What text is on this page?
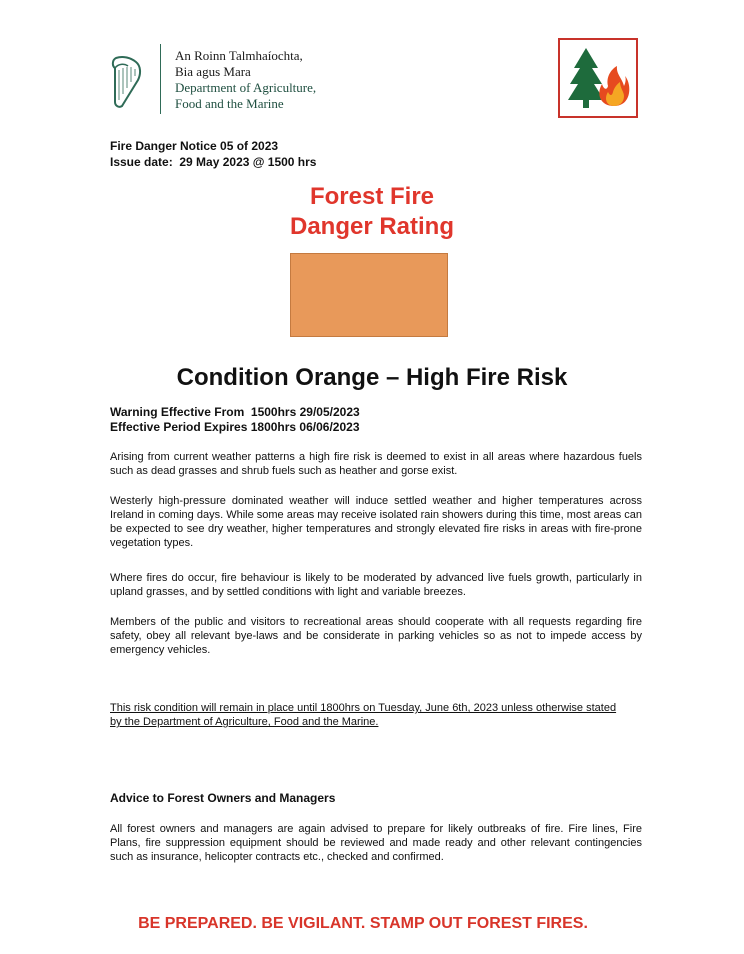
An Roinn Talmhaíochta,
Bia agus Mara
Department of Agriculture,
Food and the Marine
Fire Danger Notice 05 of 2023
Issue date:  29 May 2023 @ 1500 hrs
Forest Fire
Danger Rating
Condition Orange – High Fire Risk
Warning Effective From  1500hrs 29/05/2023
Effective Period Expires 1800hrs 06/06/2023
Arising from current weather patterns a high fire risk is deemed to exist in all areas where hazardous fuels such as dead grasses and shrub fuels such as heather and gorse exist.
Westerly high-pressure dominated weather will induce settled weather and higher temperatures across Ireland in coming days. While some areas may receive isolated rain showers during this time, most areas can be expected to see dry weather, higher temperatures and strongly elevated fire risks in areas with fire-prone vegetation types.
Where fires do occur, fire behaviour is likely to be moderated by advanced live fuels growth, particularly in upland grasses, and by settled conditions with light and variable breezes.
Members of the public and visitors to recreational areas should cooperate with all requests regarding fire safety, obey all relevant bye-laws and be considerate in parking vehicles so as not to impede access by emergency vehicles.
This risk condition will remain in place until 1800hrs on Tuesday, June 6th, 2023 unless otherwise stated by the Department of Agriculture, Food and the Marine.
Advice to Forest Owners and Managers
All forest owners and managers are again advised to prepare for likely outbreaks of fire. Fire lines, Fire Plans, fire suppression equipment should be reviewed and made ready and other relevant contingencies such as insurance, helicopter contracts etc., checked and confirmed.
BE PREPARED. BE VIGILANT. STAMP OUT FOREST FIRES.
